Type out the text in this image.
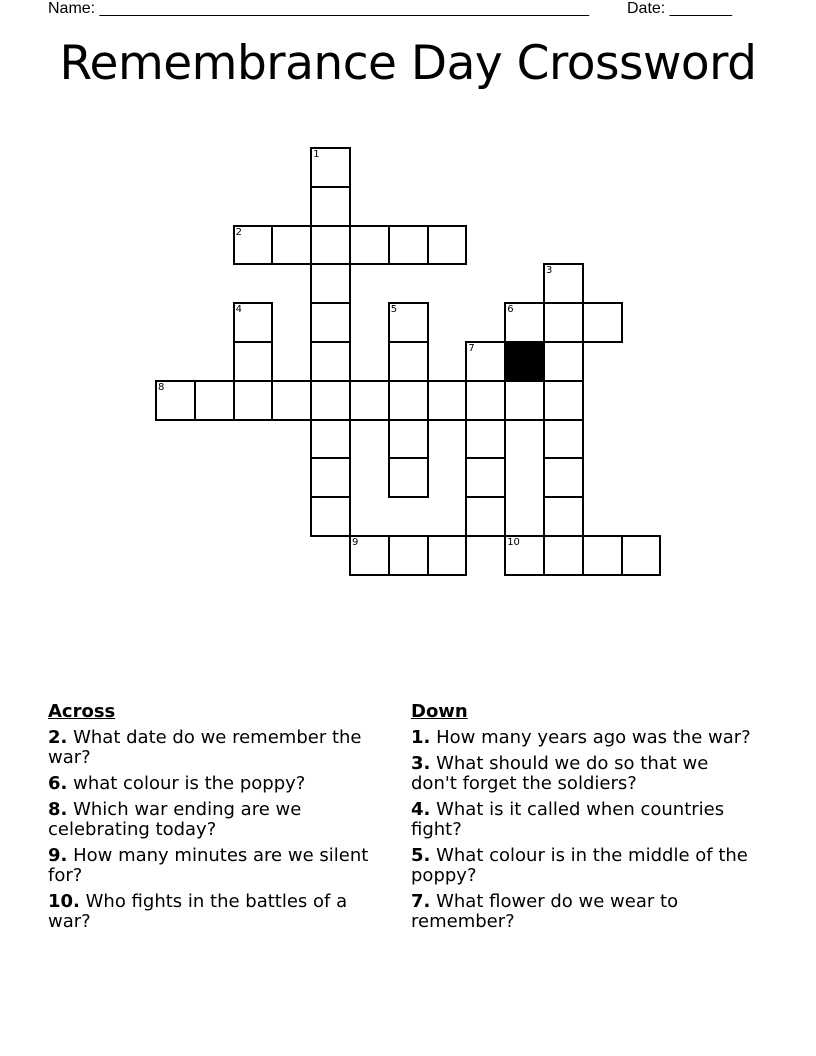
Name: _______________________________________________________ Date: _______
Remembrance Day Crossword
1
2
3
4	5	6
7
8
9	10
Across
2. What date do we remember the war?
6. what colour is the poppy?
8. Which war ending are we celebrating today?
9. How many minutes are we silent for?
10. Who fights in the battles of a war?
Down
1. How many years ago was the war?
3. What should we do so that we don't forget the soldiers?
4. What is it called when countries fight?
5. What colour is in the middle of the poppy?
7. What flower do we wear to remember?
